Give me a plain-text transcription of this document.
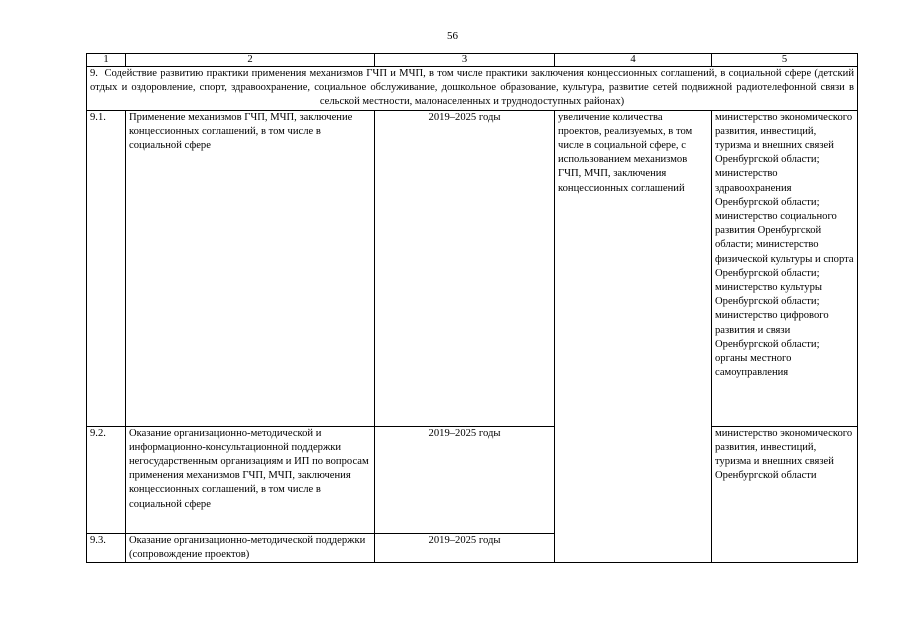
56
1	2	3	4	5
9. Содействие развитию практики применения механизмов ГЧП и МЧП, в том числе практики заключения концессионных соглашений, в социальной сфере (детский отдых и оздоровление, спорт, здравоохранение, социальное обслуживание, дошкольное образование, культура, развитие сетей подвижной радиотелефонной связи в сельской местности, малонаселенных и труднодоступных районах)				
9.1.	Применение механизмов ГЧП, МЧП, заключение концессионных соглашений, в том числе в социальной сфере	2019–2025 годы	увеличение количества проектов, реализуемых, в том числе в социальной сфере, с использованием механизмов ГЧП, МЧП, заключения концессионных соглашений	министерство экономического развития, инвестиций, туризма и внешних связей Оренбургской области; министерство здравоохранения Оренбургской области; министерство социального развития Оренбургской области; министерство физической культуры и спорта Оренбургской области; министерство культуры Оренбургской области; министерство цифрового развития и связи Оренбургской области; органы местного самоуправления
9.2.	Оказание организационно-методической и информационно-консультационной поддержки негосударственным организациям и ИП по вопросам применения механизмов ГЧП, МЧП, заключения концессионных соглашений, в том числе в социальной сфере	2019–2025 годы		министерство экономического развития, инвестиций, туризма и внешних связей Оренбургской области
9.3.	Оказание организационно-методической поддержки (сопровождение проектов)	2019–2025 годы		
